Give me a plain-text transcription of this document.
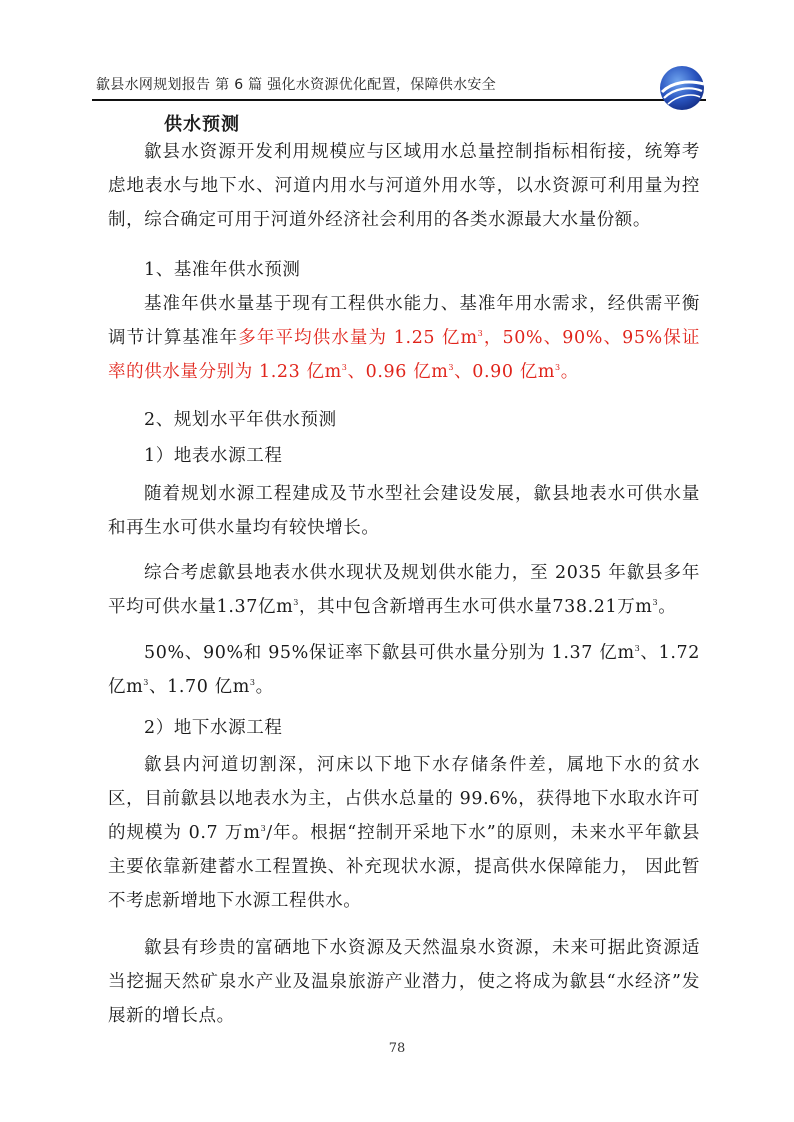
歙县水网规划报告 第 6 篇 强化水资源优化配置，保障供水安全
供水预测

歙县水资源开发利用规模应与区域用水总量控制指标相衔接，统筹考虑地表水与地下水、河道内用水与河道外用水等，以水资源可利用量为控制，综合确定可用于河道外经济社会利用的各类水源最大水量份额。

1、基准年供水预测

基准年供水量基于现有工程供水能力、基准年用水需求，经供需平衡调节计算基准年多年平均供水量为 1.25 亿$m^3$，50%、90%、95%保证率的供水量分别为 1.23 亿$m^3$、0.96 亿$m^3$、0.90 亿$m^3$。

2、规划水平年供水预测

1）地表水源工程

随着规划水源工程建成及节水型社会建设发展，歙县地表水可供水量和再生水可供水量均有较快增长。

综合考虑歙县地表水供水现状及规划供水能力，至 2035 年歙县多年平均可供水量1.37亿$m^3$，其中包含新增再生水可供水量738.21万$m^3$。

50%、90%和 95%保证率下歙县可供水量分别为 1.37 亿$m^3$、1.72 亿$m^3$、1.70 亿$m^3$。

2）地下水源工程

歙县内河道切割深，河床以下地下水存储条件差，属地下水的贫水区，目前歙县以地表水为主，占供水总量的 99.6%，获得地下水取水许可的规模为 0.7 万$m^3/$年。根据“控制开采地下水”的原则，未来水平年歙县主要依靠新建蓄水工程置换、补充现状水源，提高供水保障能力， 因此暂不考虑新增地下水源工程供水。

歙县有珍贵的富硒地下水资源及天然温泉水资源，未来可据此资源适当挖掘天然矿泉水产业及温泉旅游产业潜力，使之将成为歙县“水经济”发展新的增长点。

78
